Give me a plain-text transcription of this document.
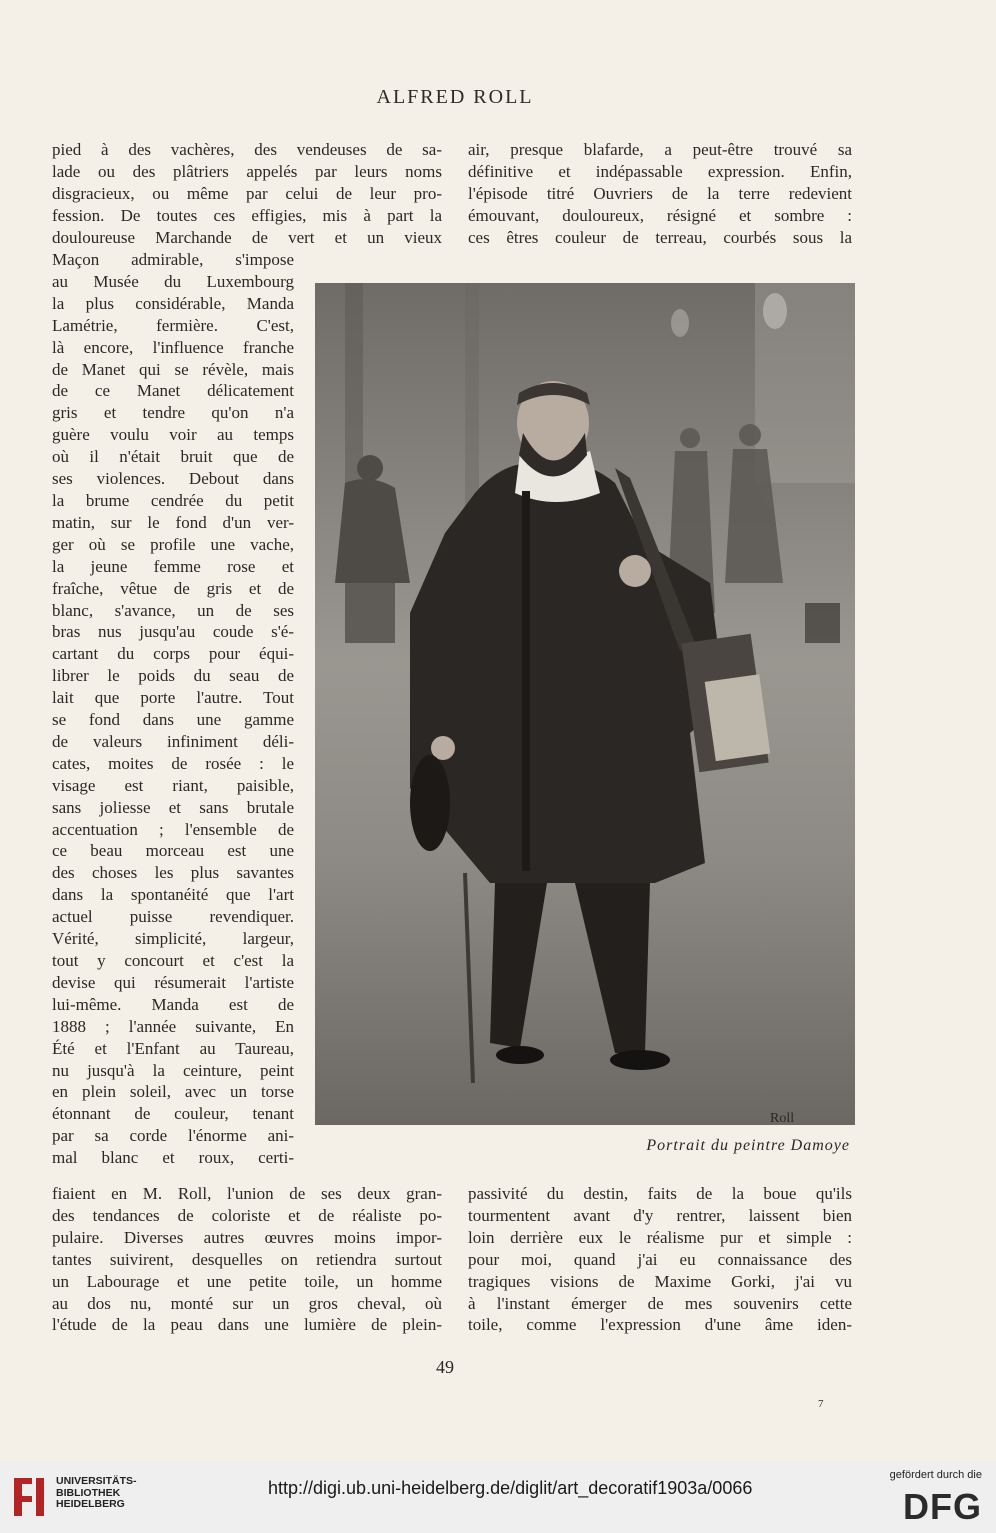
ALFRED ROLL

pied à des vachères, des vendeuses de sa-

lade ou des plâtriers appelés par leurs noms

disgracieux, ou même par celui de leur pro-

fession. De toutes ces effigies, mis à part la

douloureuse Marchande de vert et un vieux

Maçon admirable, s'impose

au Musée du Luxembourg

la plus considérable, Manda

Lamétrie, fermière. C'est,

là encore, l'influence franche

de Manet qui se révèle, mais

de ce Manet délicatement

gris et tendre qu'on n'a

guère voulu voir au temps

où il n'était bruit que de

ses violences. Debout dans

la brume cendrée du petit

matin, sur le fond d'un ver-

ger où se profile une vache,

la jeune femme rose et

fraîche, vêtue de gris et de

blanc, s'avance, un de ses

bras nus jusqu'au coude s'é-

cartant du corps pour équi-

librer le poids du seau de

lait que porte l'autre. Tout

se fond dans une gamme

de valeurs infiniment déli-

cates, moites de rosée : le

visage est riant, paisible,

sans joliesse et sans brutale

accentuation ; l'ensemble de

ce beau morceau est une

des choses les plus savantes

dans la spontanéité que l'art

actuel puisse revendiquer.

Vérité, simplicité, largeur,

tout y concourt et c'est la

devise qui résumerait l'artiste

lui-même. Manda est de

1888 ; l'année suivante, En

Été et l'Enfant au Taureau,

nu jusqu'à la ceinture, peint

en plein soleil, avec un torse

étonnant de couleur, tenant

par sa corde l'énorme ani-

mal blanc et roux, certi-

fiaient en M. Roll, l'union de ses deux gran-

des tendances de coloriste et de réaliste po-

pulaire. Diverses autres œuvres moins impor-

tantes suivirent, desquelles on retiendra surtout

un Labourage et une petite toile, un homme

au dos nu, monté sur un gros cheval, où

l'étude de la peau dans une lumière de plein-

air, presque blafarde, a peut-être trouvé sa

définitive et indépassable expression. Enfin,

l'épisode titré Ouvriers de la terre redevient

émouvant, douloureux, résigné et sombre :

ces êtres couleur de terreau, courbés sous la

Roll
Portrait du peintre Damoye

passivité du destin, faits de la boue qu'ils

tourmentent avant d'y rentrer, laissent bien

loin derrière eux le réalisme pur et simple :

pour moi, quand j'ai eu connaissance des

tragiques visions de Maxime Gorki, j'ai vu

à l'instant émerger de mes souvenirs cette

toile, comme l'expression d'une âme iden-

49
7
UNIVERSITÄTS-
BIBLIOTHEK
HEIDELBERG
http://digi.ub.uni-heidelberg.de/diglit/art_decoratif1903a/0066
gefördert durch die
DFG
